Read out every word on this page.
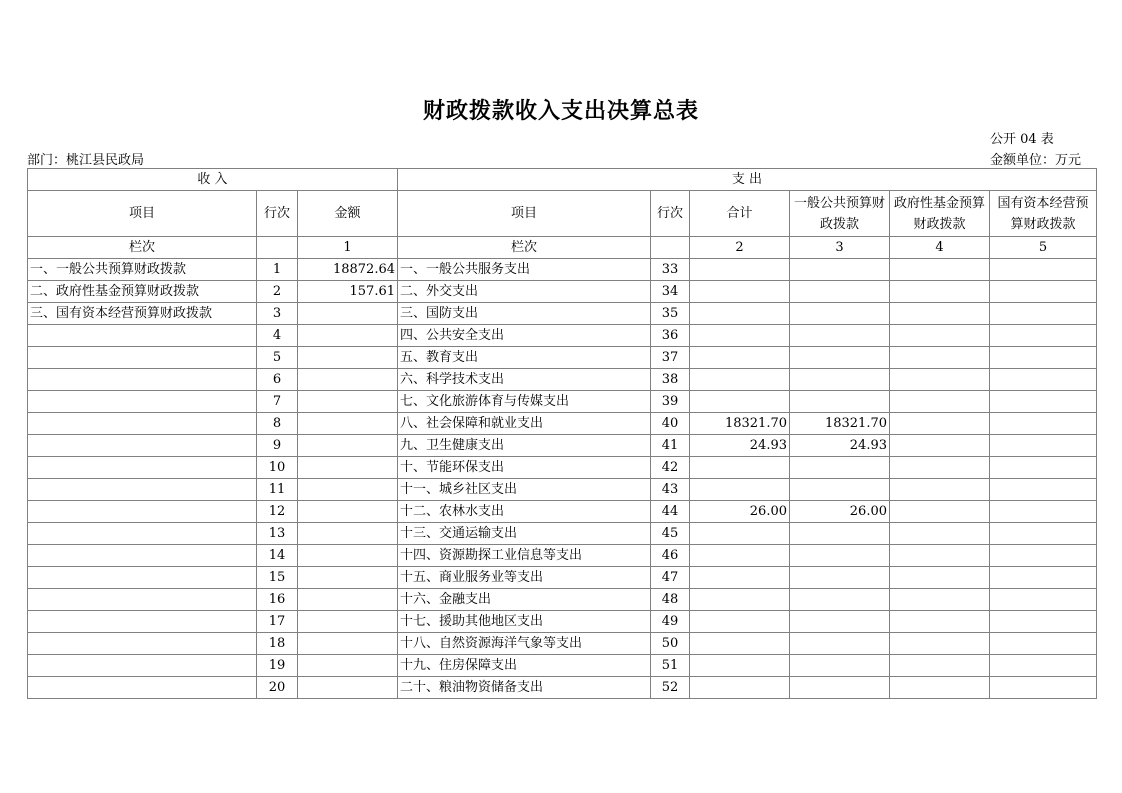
财政拨款收入支出决算总表
公开 04 表
部门：桃江县民政局	金额单位：万元
收 入			支 出					
项目	行次	金额	项目	行次	合计	一般公共预算财政拨款	政府性基金预算财政拨款	国有资本经营预算财政拨款
栏次		1	栏次		2	3	4	5
一、一般公共预算财政拨款	1	18872.64	一、一般公共服务支出	33				
二、政府性基金预算财政拨款	2	157.61	二、外交支出	34				
三、国有资本经营预算财政拨款	3		三、国防支出	35				
	4		四、公共安全支出	36				
	5		五、教育支出	37				
	6		六、科学技术支出	38				
	7		七、文化旅游体育与传媒支出	39				
	8		八、社会保障和就业支出	40	18321.70	18321.70		
	9		九、卫生健康支出	41	24.93	24.93		
	10		十、节能环保支出	42				
	11		十一、城乡社区支出	43				
	12		十二、农林水支出	44	26.00	26.00		
	13		十三、交通运输支出	45				
	14		十四、资源勘探工业信息等支出	46				
	15		十五、商业服务业等支出	47				
	16		十六、金融支出	48				
	17		十七、援助其他地区支出	49				
	18		十八、自然资源海洋气象等支出	50				
	19		十九、住房保障支出	51				
	20		二十、粮油物资储备支出	52				
